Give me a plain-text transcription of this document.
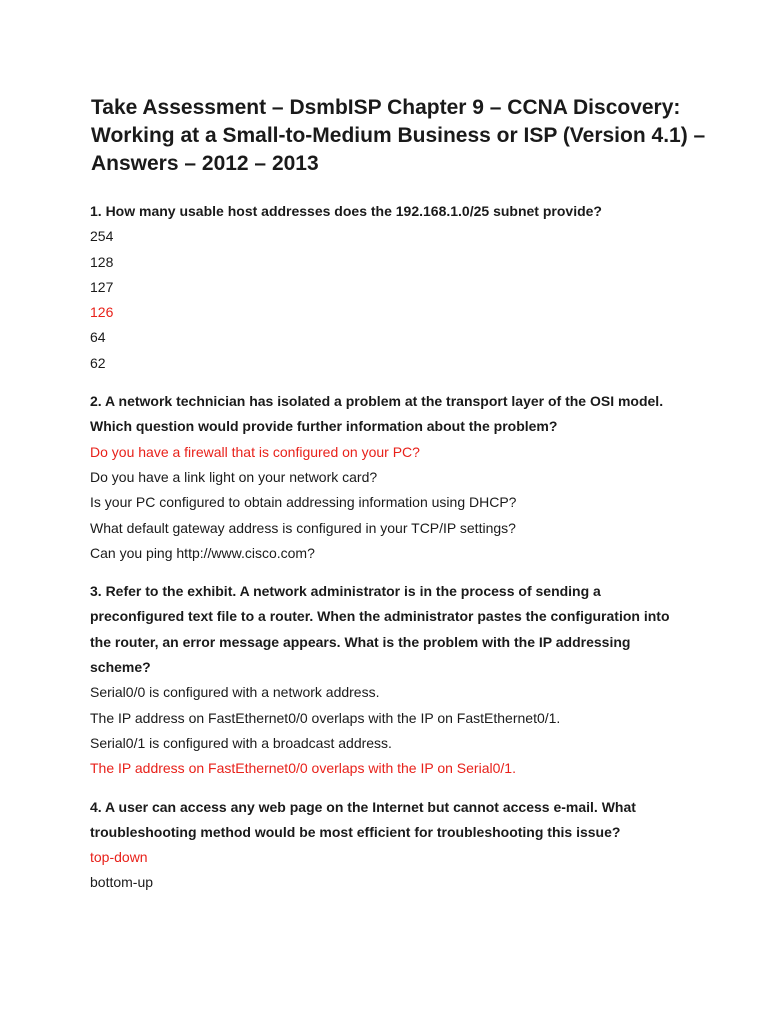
Take Assessment – DsmbISP Chapter 9 – CCNA Discovery: Working at a Small-to-Medium Business or ISP (Version 4.1) – Answers – 2012 – 2013

1. How many usable host addresses does the 192.168.1.0/25 subnet provide?

254

128

127

126

64

62

2. A network technician has isolated a problem at the transport layer of the OSI model. Which question would provide further information about the problem?

Do you have a firewall that is configured on your PC?

Do you have a link light on your network card?

Is your PC configured to obtain addressing information using DHCP?

What default gateway address is configured in your TCP/IP settings?

Can you ping http://www.cisco.com?

3. Refer to the exhibit. A network administrator is in the process of sending a preconfigured text file to a router. When the administrator pastes the configuration into the router, an error message appears. What is the problem with the IP addressing scheme?

Serial0/0 is configured with a network address.

The IP address on FastEthernet0/0 overlaps with the IP on FastEthernet0/1.

Serial0/1 is configured with a broadcast address.

The IP address on FastEthernet0/0 overlaps with the IP on Serial0/1.

4. A user can access any web page on the Internet but cannot access e-mail. What troubleshooting method would be most efficient for troubleshooting this issue?

top-down

bottom-up
